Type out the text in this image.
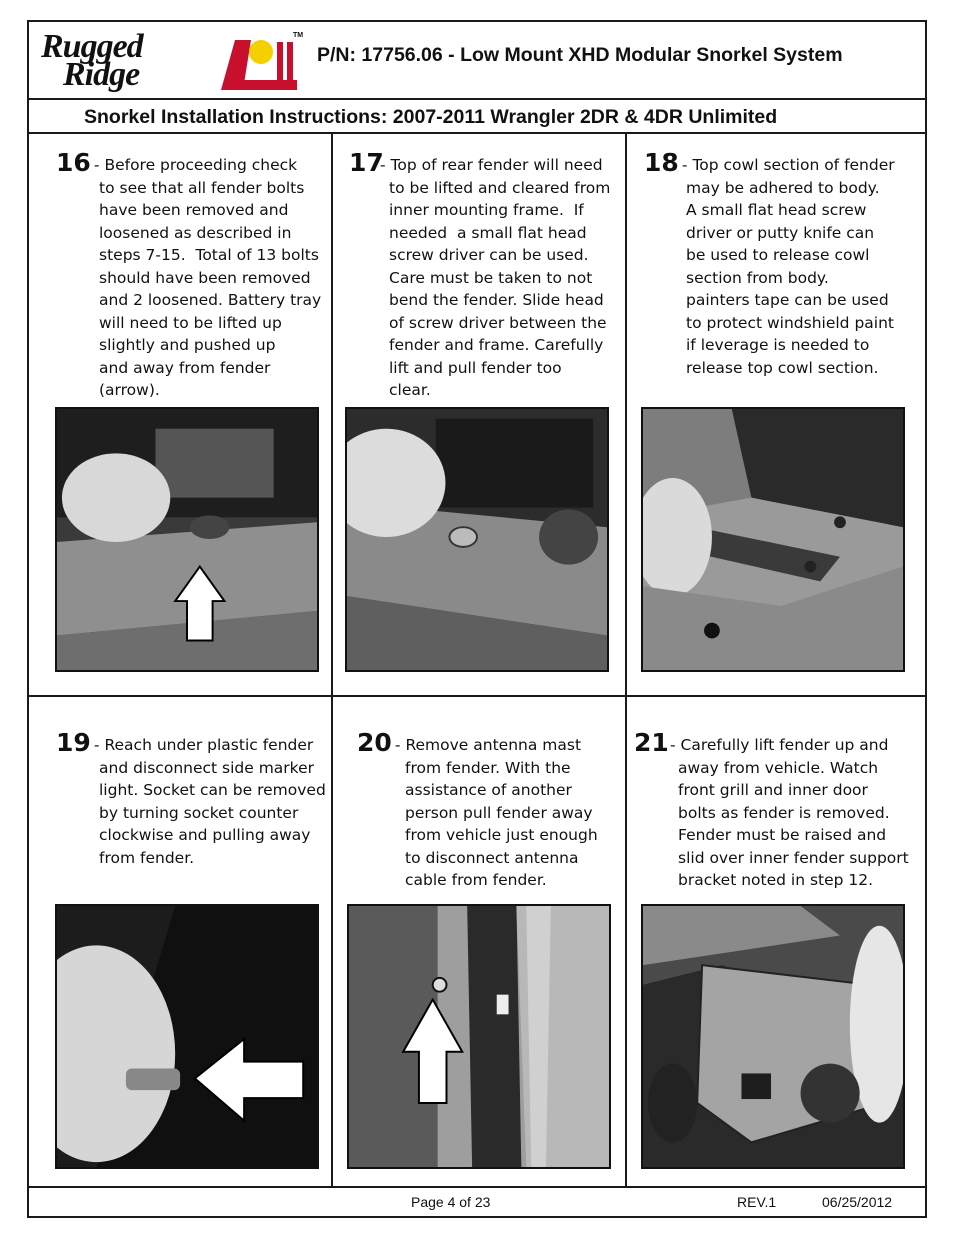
Rugged
Ridge
TM
P/N: 17756.06 - Low Mount XHD Modular Snorkel System
Snorkel Installation Instructions: 2007-2011 Wrangler 2DR & 4DR Unlimited
16
- Before proceeding check
to see that all fender bolts
have been removed and
loosened as described in
steps 7-15.  Total of 13 bolts
should have been removed
and 2 loosened. Battery tray
will need to be lifted up
slightly and pushed up
and away from fender
(arrow).
17
- Top of rear fender will need
to be lifted and cleared from
inner mounting frame.  If
needed  a small flat head
screw driver can be used.
Care must be taken to not
bend the fender. Slide head
of screw driver between the
fender and frame. Carefully
lift and pull fender too
clear.
18
- Top cowl section of fender
may be adhered to body.
A small flat head screw
driver or putty knife can
be used to release cowl
section from body.
painters tape can be used
to protect windshield paint
if leverage is needed to
release top cowl section.
19
- Reach under plastic fender
and disconnect side marker
light. Socket can be removed
by turning socket counter
clockwise and pulling away
from fender.
20
- Remove antenna mast
from fender. With the
assistance of another
person pull fender away
from vehicle just enough
to disconnect antenna
cable from fender.
21 - Carefully lift fender up and
away from vehicle. Watch
front grill and inner door
bolts as fender is removed.
Fender must be raised and
slid over inner fender support
bracket noted in step 12.
Page 4 of 23	REV.1	06/25/2012
